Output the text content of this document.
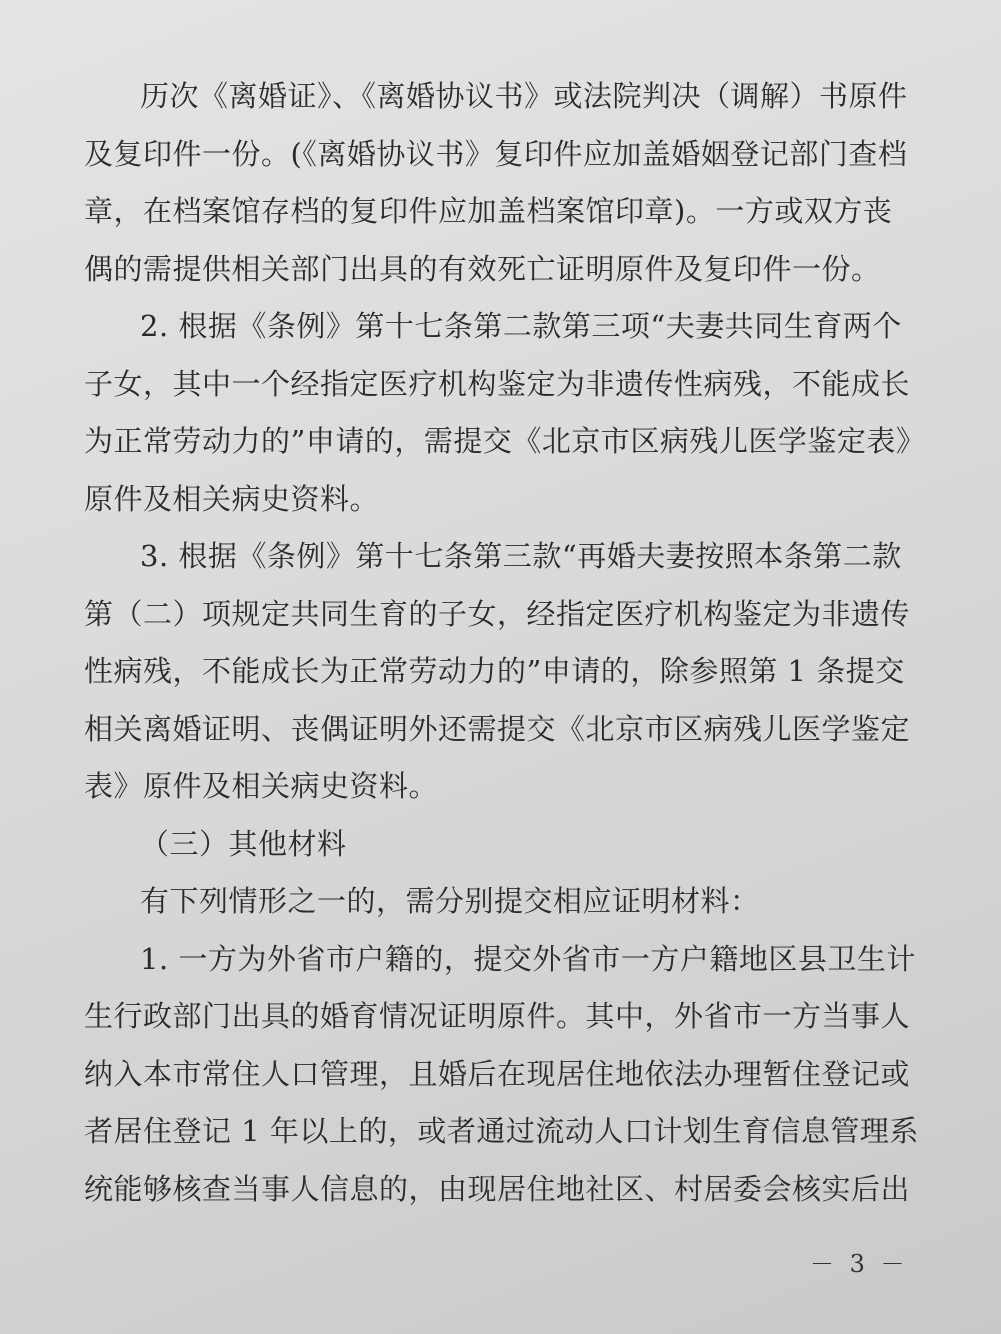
历次《离婚证》、《离婚协议书》或法院判决（调解）书原件
及复印件一份。(《离婚协议书》复印件应加盖婚姻登记部门查档
章，在档案馆存档的复印件应加盖档案馆印章)。一方或双方丧
偶的需提供相关部门出具的有效死亡证明原件及复印件一份。
2. 根据《条例》第十七条第二款第三项“夫妻共同生育两个
子女，其中一个经指定医疗机构鉴定为非遗传性病残，不能成长
为正常劳动力的”申请的，需提交《北京市区病残儿医学鉴定表》
原件及相关病史资料。
3. 根据《条例》第十七条第三款“再婚夫妻按照本条第二款
第（二）项规定共同生育的子女，经指定医疗机构鉴定为非遗传
性病残，不能成长为正常劳动力的”申请的，除参照第 1 条提交
相关离婚证明、丧偶证明外还需提交《北京市区病残儿医学鉴定
表》原件及相关病史资料。
（三）其他材料
有下列情形之一的，需分别提交相应证明材料：
1. 一方为外省市户籍的，提交外省市一方户籍地区县卫生计
生行政部门出具的婚育情况证明原件。其中，外省市一方当事人
纳入本市常住人口管理，且婚后在现居住地依法办理暂住登记或
者居住登记 1 年以上的，或者通过流动人口计划生育信息管理系
统能够核查当事人信息的，由现居住地社区、村居委会核实后出
－ 3 －
